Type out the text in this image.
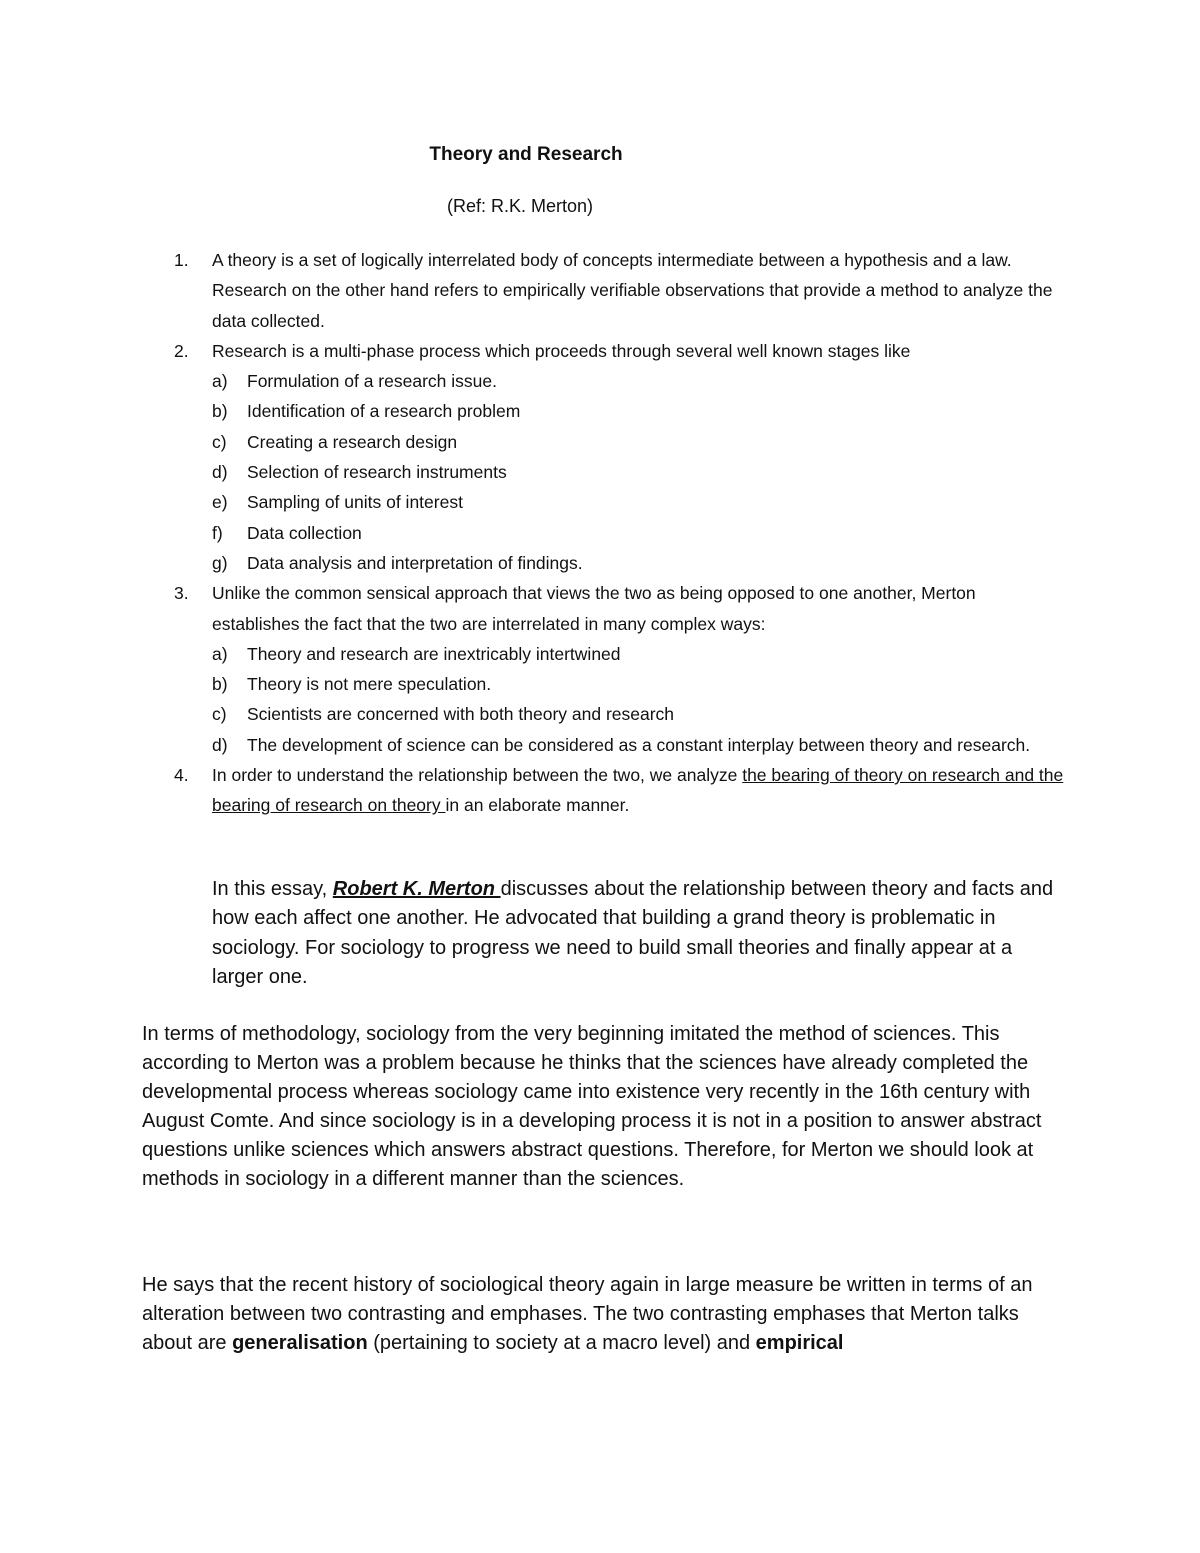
Theory and Research
(Ref: R.K. Merton)
1. A theory is a set of logically interrelated body of concepts intermediate between a hypothesis and a law. Research on the other hand refers to empirically verifiable observations that provide a method to analyze the data collected.
2. Research is a multi-phase process which proceeds through several well known stages like
a) Formulation of a research issue.
b) Identification of a research problem
c) Creating a research design
d) Selection of research instruments
e) Sampling of units of interest
f) Data collection
g) Data analysis and interpretation of findings.
3. Unlike the common sensical approach that views the two as being opposed to one another, Merton establishes the fact that the two are interrelated in many complex ways:
a) Theory and research are inextricably intertwined
b) Theory is not mere speculation.
c) Scientists are concerned with both theory and research
d) The development of science can be considered as a constant interplay between theory and research.
4. In order to understand the relationship between the two, we analyze the bearing of theory on research and the bearing of research on theory in an elaborate manner.
In this essay, Robert K. Merton discusses about the relationship between theory and facts and how each affect one another. He advocated that building a grand theory is problematic in sociology. For sociology to progress we need to build small theories and finally appear at a larger one.
In terms of methodology, sociology from the very beginning imitated the method of sciences. This according to Merton was a problem because he thinks that the sciences have already completed the developmental process whereas sociology came into existence very recently in the 16th century with August Comte. And since sociology is in a developing process it is not in a position to answer abstract questions unlike sciences which answers abstract questions. Therefore, for Merton we should look at methods in sociology in a different manner than the sciences.
He says that the recent history of sociological theory again in large measure be written in terms of an alteration between two contrasting and emphases. The two contrasting emphases that Merton talks about are generalisation (pertaining to society at a macro level) and empirical
